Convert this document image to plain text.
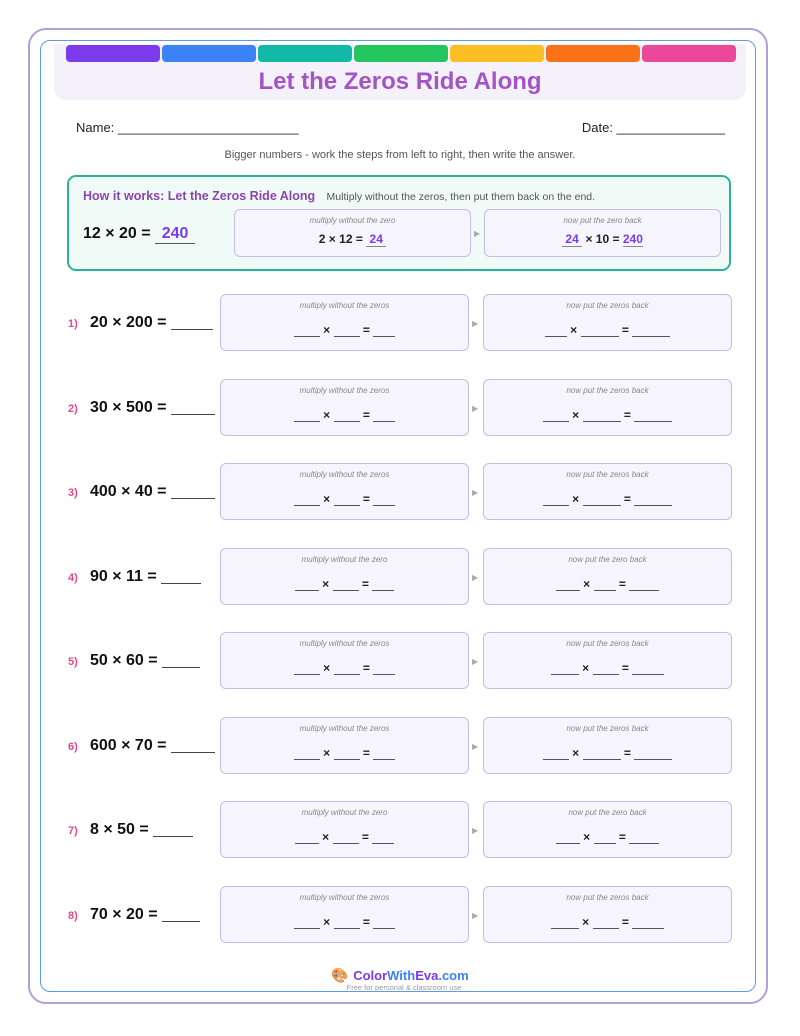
Let the Zeros Ride Along
Name: _________________________	Date: _______________
Bigger numbers - work the steps from left to right, then write the answer.
How it works: Let the Zeros Ride Along Multiply without the zeros, then put them back on the end.
12 × 20 = 240
multiply without the zero
2 × 12 = 24	▶
now put the zero back
24 × 10 = 240
1) 20 × 200 =
multiply without the zeros
×	=	▶
now put the zeros back
×	=
2) 30 × 500 =
multiply without the zeros
×	=	▶
now put the zeros back
×	=
3) 400 × 40 =
multiply without the zeros
×	=	▶
now put the zeros back
×	=
4) 90 × 11 =
multiply without the zero
×	=	▶
now put the zero back
× =
5) 50 × 60 =
multiply without the zeros
×	=	▶
now put the zeros back
×	=
6) 600 × 70 =
multiply without the zeros
×	=	▶
now put the zeros back
×	=
7) 8 × 50 =
multiply without the zero
×	=	▶
now put the zero back
× =
8) 70 × 20 =
multiply without the zeros
×	=	▶
now put the zeros back
×	=
🎨 ColorWithEva.com
Free for personal & classroom use
